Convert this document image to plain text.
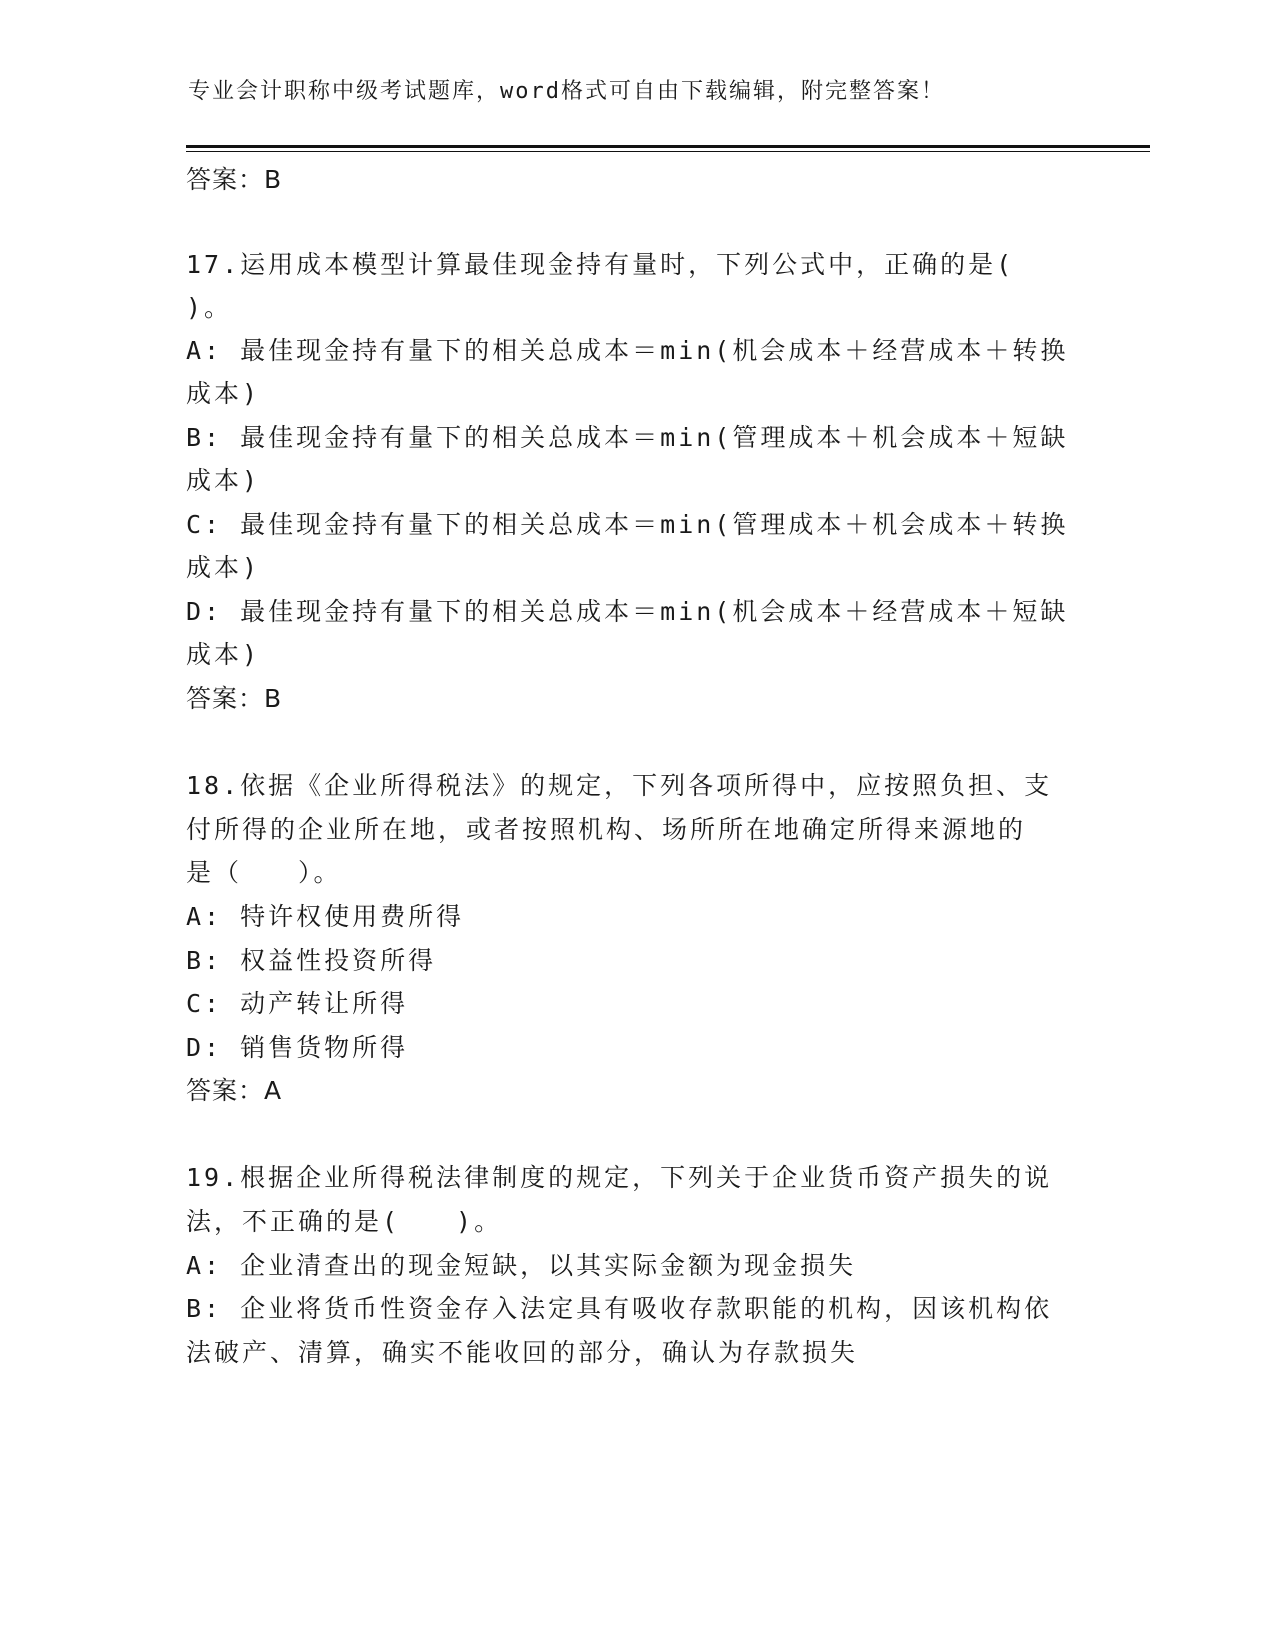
专业会计职称中级考试题库，word格式可自由下载编辑，附完整答案！
答案：B
17.运用成本模型计算最佳现金持有量时，下列公式中，正确的是(
)。
A: 最佳现金持有量下的相关总成本＝min(机会成本＋经营成本＋转换
成本)
B: 最佳现金持有量下的相关总成本＝min(管理成本＋机会成本＋短缺
成本)
C: 最佳现金持有量下的相关总成本＝min(管理成本＋机会成本＋转换
成本)
D: 最佳现金持有量下的相关总成本＝min(机会成本＋经营成本＋短缺
成本)
答案：B
18.依据《企业所得税法》的规定，下列各项所得中，应按照负担、支
付所得的企业所在地，或者按照机构、场所所在地确定所得来源地的
是（　　）。
A: 特许权使用费所得
B: 权益性投资所得
C: 动产转让所得
D: 销售货物所得
答案：A
19.根据企业所得税法律制度的规定，下列关于企业货币资产损失的说
法，不正确的是(　　)。
A: 企业清查出的现金短缺，以其实际金额为现金损失
B: 企业将货币性资金存入法定具有吸收存款职能的机构，因该机构依
法破产、清算，确实不能收回的部分，确认为存款损失
